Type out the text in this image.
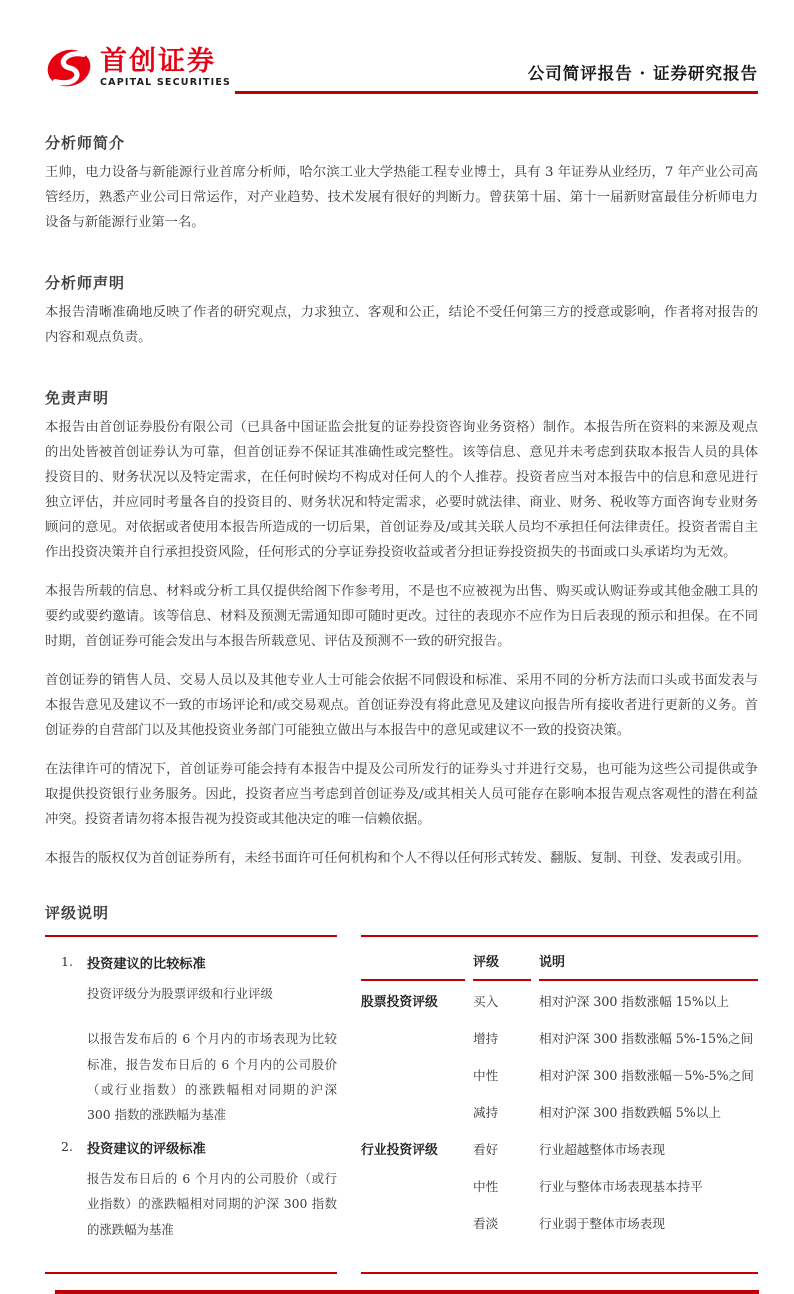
首创证券
CAPITAL SECURITIES	公司简评报告 · 证券研究报告
分析师简介

王帅，电力设备与新能源行业首席分析师，哈尔滨工业大学热能工程专业博士，具有 3 年证券从业经历，7 年产业公司高管经历，熟悉产业公司日常运作，对产业趋势、技术发展有很好的判断力。曾获第十届、第十一届新财富最佳分析师电力设备与新能源行业第一名。

分析师声明

本报告清晰准确地反映了作者的研究观点，力求独立、客观和公正，结论不受任何第三方的授意或影响，作者将对报告的内容和观点负责。

免责声明

本报告由首创证券股份有限公司（已具备中国证监会批复的证券投资咨询业务资格）制作。本报告所在资料的来源及观点的出处皆被首创证券认为可靠，但首创证券不保证其准确性或完整性。该等信息、意见并未考虑到获取本报告人员的具体投资目的、财务状况以及特定需求，在任何时候均不构成对任何人的个人推荐。投资者应当对本报告中的信息和意见进行独立评估，并应同时考量各自的投资目的、财务状况和特定需求，必要时就法律、商业、财务、税收等方面咨询专业财务顾问的意见。对依据或者使用本报告所造成的一切后果，首创证券及/或其关联人员均不承担任何法律责任。投资者需自主作出投资决策并自行承担投资风险，任何形式的分享证券投资收益或者分担证券投资损失的书面或口头承诺均为无效。

本报告所载的信息、材料或分析工具仅提供给阁下作参考用，不是也不应被视为出售、购买或认购证券或其他金融工具的要约或要约邀请。该等信息、材料及预测无需通知即可随时更改。过往的表现亦不应作为日后表现的预示和担保。在不同时期，首创证券可能会发出与本报告所载意见、评估及预测不一致的研究报告。

首创证券的销售人员、交易人员以及其他专业人士可能会依据不同假设和标准、采用不同的分析方法而口头或书面发表与本报告意见及建议不一致的市场评论和/或交易观点。首创证券没有将此意见及建议向报告所有接收者进行更新的义务。首创证券的自营部门以及其他投资业务部门可能独立做出与本报告中的意见或建议不一致的投资决策。

在法律许可的情况下，首创证券可能会持有本报告中提及公司所发行的证券头寸并进行交易，也可能为这些公司提供或争取提供投资银行业务服务。因此，投资者应当考虑到首创证券及/或其相关人员可能存在影响本报告观点客观性的潜在利益冲突。投资者请勿将本报告视为投资或其他决定的唯一信赖依据。

本报告的版权仅为首创证券所有，未经书面许可任何机构和个人不得以任何形式转发、翻版、复制、刊登、发表或引用。

评级说明
1. 投资建议的比较标准

投资评级分为股票评级和行业评级

以报告发布后的 6 个月内的市场表现为比较标准，报告发布日后的 6 个月内的公司股价（或行业指数）的涨跌幅相对同期的沪深 300 指数的涨跌幅为基准

2. 投资建议的评级标准

报告发布日后的 6 个月内的公司股价（或行业指数）的涨跌幅相对同期的沪深 300 指数的涨跌幅为基准

评级	说明
股票投资评级	买入	相对沪深 300 指数涨幅 15%以上
增持	相对沪深 300 指数涨幅 5%-15%之间
中性	相对沪深 300 指数涨幅－5%-5%之间
减持	相对沪深 300 指数跌幅 5%以上
行业投资评级	看好	行业超越整体市场表现
中性	行业与整体市场表现基本持平
看淡	行业弱于整体市场表现
